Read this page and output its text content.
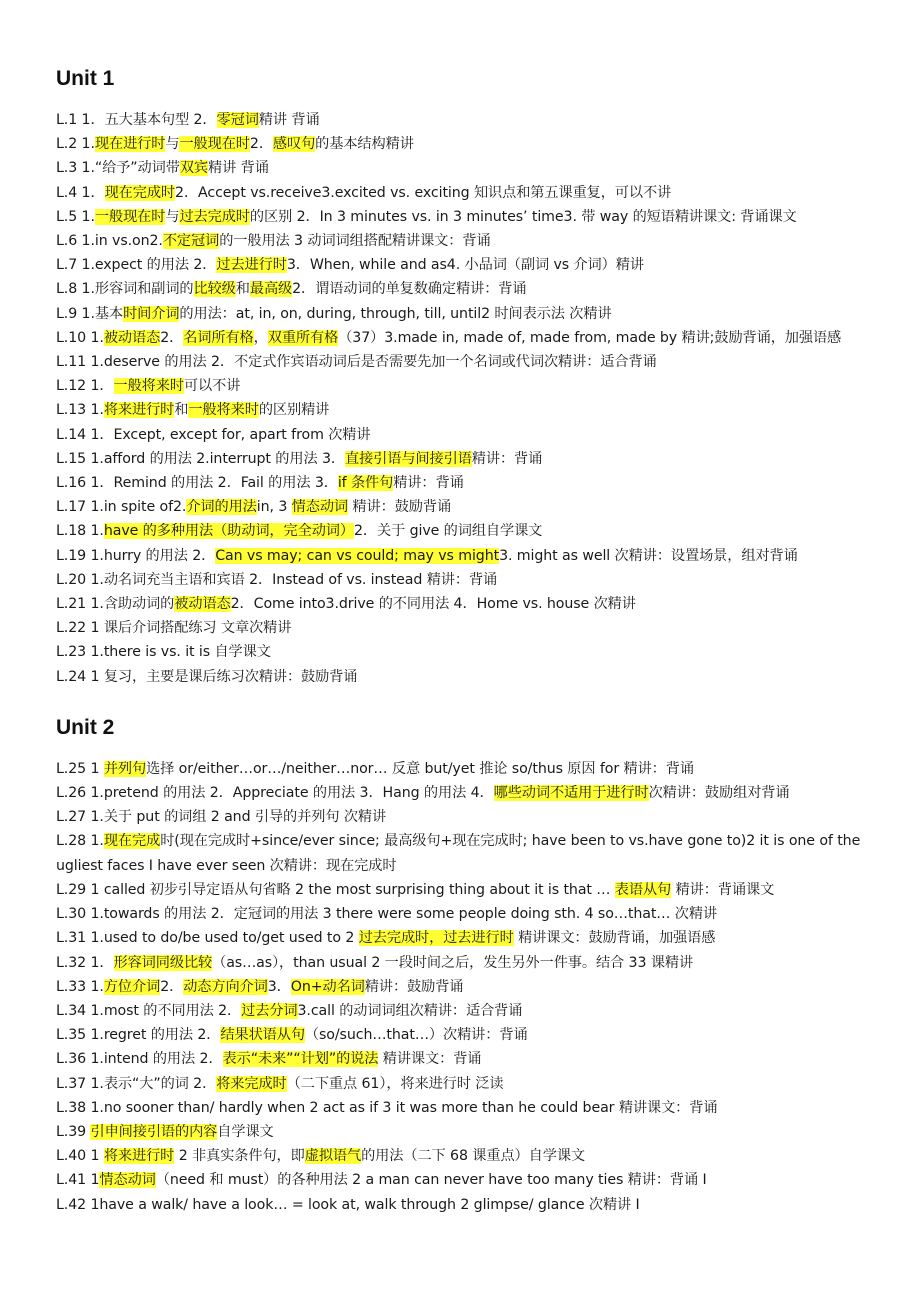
Unit 1
L.1 1．五大基本句型 2．零冠词精讲 背诵
L.2 1.现在进行时与一般现在时2．感叹句的基本结构精讲
L.3 1.“给予”动词带双宾精讲 背诵
L.4 1．现在完成时2．Accept vs.receive3.excited vs. exciting 知识点和第五课重复，可以不讲
L.5 1.一般现在时与过去完成时的区别 2．In 3 minutes vs. in 3 minutes’ time3. 带 way 的短语精讲课文: 背诵课文
L.6 1.in vs.on2.不定冠词的一般用法 3 动词词组搭配精讲课文：背诵
L.7 1.expect 的用法 2．过去进行时3．When, while and as4. 小品词（副词 vs 介词）精讲
L.8 1.形容词和副词的比较级和最高级2．谓语动词的单复数确定精讲：背诵
L.9 1.基本时间介词的用法：at, in, on, during, through, till, until2 时间表示法 次精讲
L.10 1.被动语态2．名词所有格，双重所有格（37）3.made in, made of, made from, made by 精讲;鼓励背诵，加强语感
L.11 1.deserve 的用法 2．不定式作宾语动词后是否需要先加一个名词或代词次精讲：适合背诵
L.12 1．一般将来时可以不讲
L.13 1.将来进行时和一般将来时的区别精讲
L.14 1．Except, except for, apart from 次精讲
L.15 1.afford 的用法 2.interrupt 的用法 3．直接引语与间接引语精讲：背诵
L.16 1．Remind 的用法 2．Fail 的用法 3．if 条件句精讲：背诵
L.17 1.in spite of2.介词的用法in, 3 情态动词 精讲：鼓励背诵
L.18 1.have 的多种用法（助动词，完全动词）2．关于 give 的词组自学课文
L.19 1.hurry 的用法 2．Can vs may; can vs could; may vs might3. might as well 次精讲：设置场景，组对背诵
L.20 1.动名词充当主语和宾语 2．Instead of vs. instead 精讲：背诵
L.21 1.含助动词的被动语态2．Come into3.drive 的不同用法 4．Home vs. house 次精讲
L.22 1 课后介词搭配练习 文章次精讲
L.23 1.there is vs. it is 自学课文
L.24 1 复习，主要是课后练习次精讲：鼓励背诵
Unit 2
L.25 1 并列句选择 or/either…or…/neither…nor… 反意 but/yet 推论 so/thus 原因 for 精讲：背诵
L.26 1.pretend 的用法 2．Appreciate 的用法 3．Hang 的用法 4．哪些动词不适用于进行时次精讲：鼓励组对背诵
L.27 1.关于 put 的词组 2 and 引导的并列句 次精讲
L.28 1.现在完成时(现在完成时+since/ever since; 最高级句+现在完成时; have been to vs.have gone to)2 it is one of the ugliest faces I have ever seen 次精讲：现在完成时
L.29 1 called 初步引导定语从句省略 2 the most surprising thing about it is that … 表语从句 精讲：背诵课文
L.30 1.towards 的用法 2．定冠词的用法 3 there were some people doing sth. 4 so…that… 次精讲
L.31 1.used to do/be used to/get used to 2 过去完成时，过去进行时 精讲课文：鼓励背诵，加强语感
L.32 1．形容词同级比较（as…as），than usual 2 一段时间之后，发生另外一件事。结合 33 课精讲
L.33 1.方位介词2．动态方向介词3．On+动名词精讲：鼓励背诵
L.34 1.most 的不同用法 2．过去分词3.call 的动词词组次精讲：适合背诵
L.35 1.regret 的用法 2．结果状语从句（so/such…that…）次精讲：背诵
L.36 1.intend 的用法 2．表示“未来”“计划”的说法 精讲课文：背诵
L.37 1.表示“大”的词 2．将来完成时（二下重点 61），将来进行时 泛读
L.38 1.no sooner than/ hardly when 2 act as if 3 it was more than he could bear 精讲课文：背诵
L.39 引申间接引语的内容自学课文
L.40 1 将来进行时 2 非真实条件句，即虚拟语气的用法（二下 68 课重点）自学课文
L.41 1情态动词（need 和 must）的各种用法 2 a man can never have too many ties 精讲：背诵 I
L.42 1have a walk/ have a look… = look at, walk through 2 glimpse/ glance 次精讲 I
